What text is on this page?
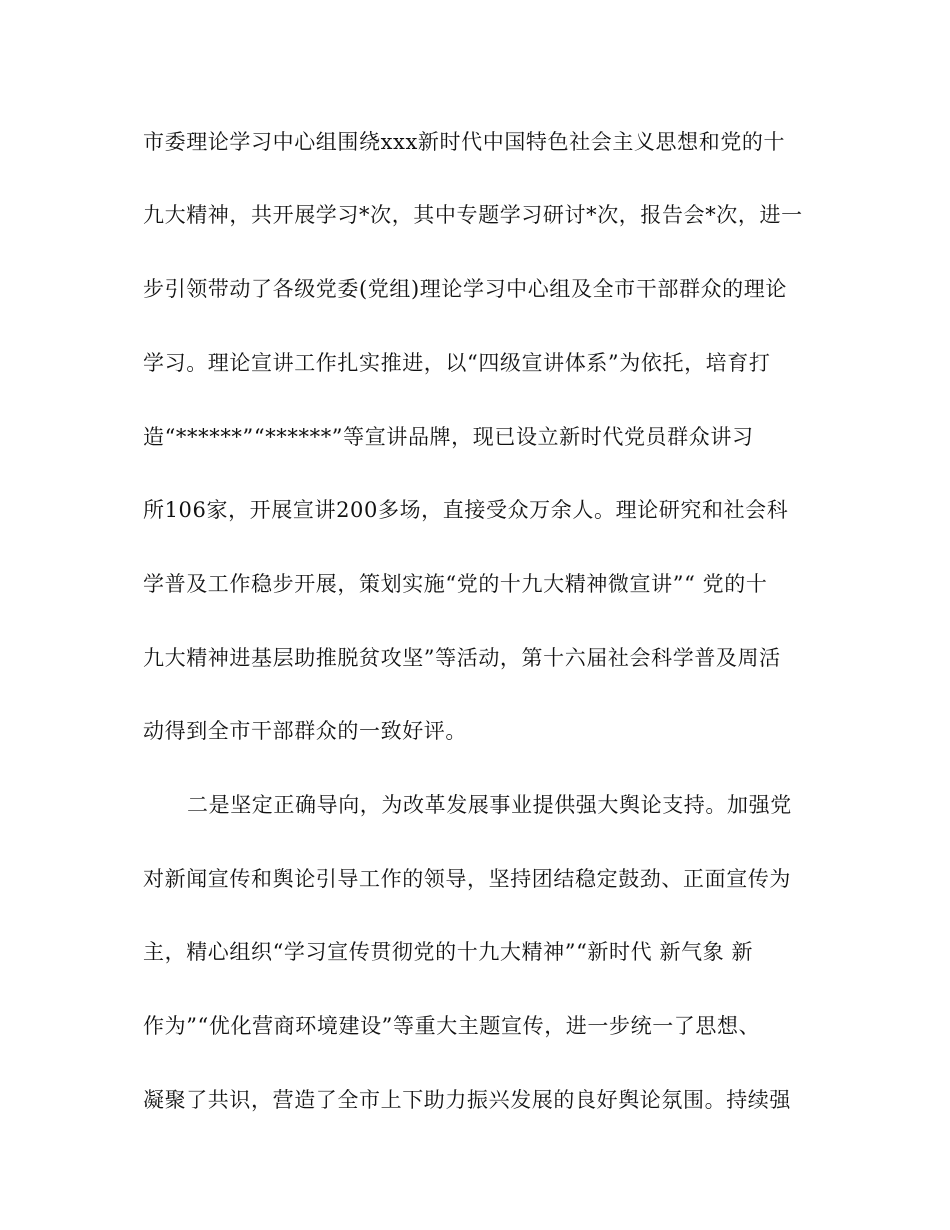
市委理论学习中心组围绕xxx新时代中国特色社会主义思想和党的十
九大精神，共开展学习*次，其中专题学习研讨*次，报告会*次，进一
步引领带动了各级党委(党组)理论学习中心组及全市干部群众的理论
学习。理论宣讲工作扎实推进，以“四级宣讲体系”为依托，培育打
造“******”“******”等宣讲品牌，现已设立新时代党员群众讲习
所106家，开展宣讲200多场，直接受众万余人。理论研究和社会科
学普及工作稳步开展，策划实施“党的十九大精神微宣讲”“ 党的十
九大精神进基层助推脱贫攻坚”等活动，第十六届社会科学普及周活
动得到全市干部群众的一致好评。
二是坚定正确导向，为改革发展事业提供强大舆论支持。加强党
对新闻宣传和舆论引导工作的领导，坚持团结稳定鼓劲、正面宣传为
主，精心组织“学习宣传贯彻党的十九大精神”“新时代 新气象 新
作为”“优化营商环境建设”等重大主题宣传，进一步统一了思想、
凝聚了共识，营造了全市上下助力振兴发展的良好舆论氛围。持续强
